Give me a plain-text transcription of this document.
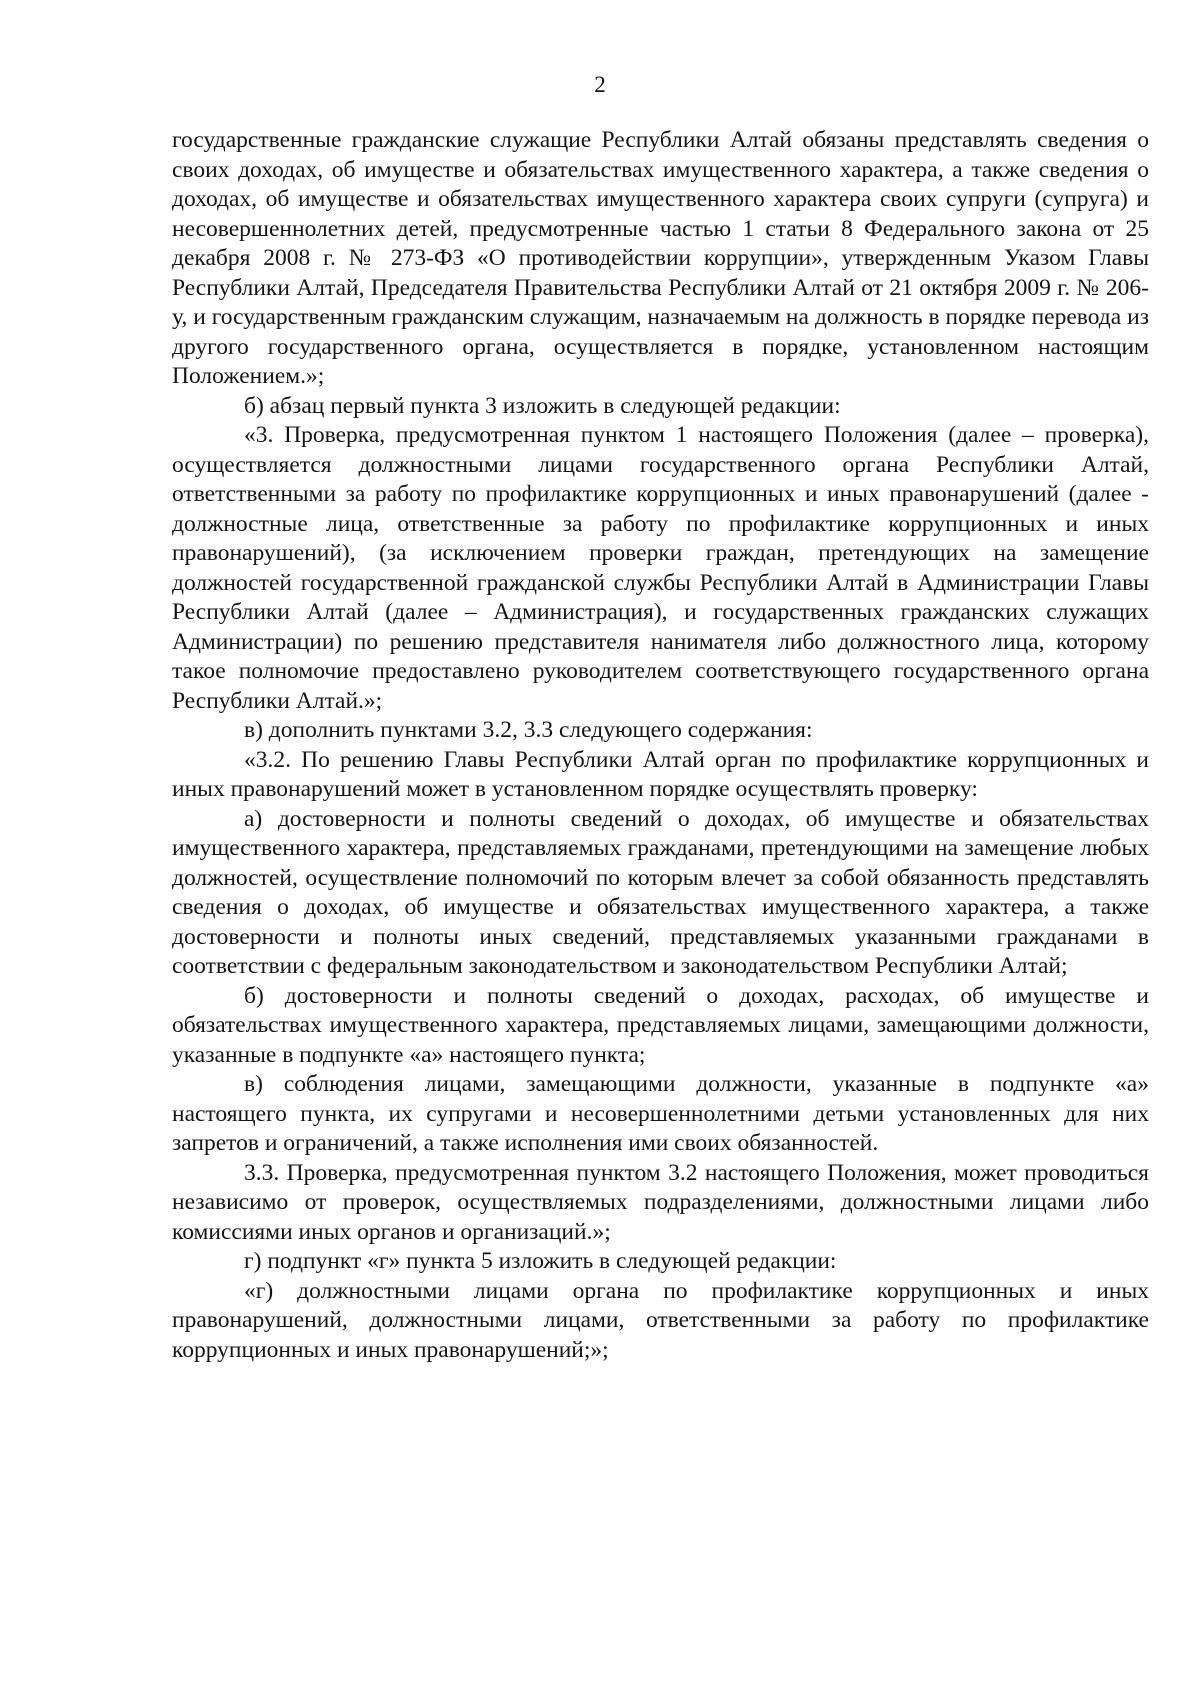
2

государственные гражданские служащие Республики Алтай обязаны представлять сведения о своих доходах, об имуществе и обязательствах имущественного характера, а также сведения о доходах, об имуществе и обязательствах имущественного характера своих супруги (супруга) и несовершеннолетних детей, предусмотренные частью 1 статьи 8 Федерального закона от 25 декабря 2008 г. № 273-ФЗ «О противодействии коррупции», утвержденным Указом Главы Республики Алтай, Председателя Правительства Республики Алтай от 21 октября 2009 г. № 206-у, и государственным гражданским служащим, назначаемым на должность в порядке перевода из другого государственного органа, осуществляется в порядке, установленном настоящим Положением.»;

б) абзац первый пункта 3 изложить в следующей редакции:

«3. Проверка, предусмотренная пунктом 1 настоящего Положения (далее – проверка), осуществляется должностными лицами государственного органа Республики Алтай, ответственными за работу по профилактике коррупционных и иных правонарушений (далее - должностные лица, ответственные за работу по профилактике коррупционных и иных правонарушений), (за исключением проверки граждан, претендующих на замещение должностей государственной гражданской службы Республики Алтай в Администрации Главы Республики Алтай (далее – Администрация), и государственных гражданских служащих Администрации) по решению представителя нанимателя либо должностного лица, которому такое полномочие предоставлено руководителем соответствующего государственного органа Республики Алтай.»;

в) дополнить пунктами 3.2, 3.3 следующего содержания:

«3.2. По решению Главы Республики Алтай орган по профилактике коррупционных и иных правонарушений может в установленном порядке осуществлять проверку:

а) достоверности и полноты сведений о доходах, об имуществе и обязательствах имущественного характера, представляемых гражданами, претендующими на замещение любых должностей, осуществление полномочий по которым влечет за собой обязанность представлять сведения о доходах, об имуществе и обязательствах имущественного характера, а также достоверности и полноты иных сведений, представляемых указанными гражданами в соответствии с федеральным законодательством и законодательством Республики Алтай;

б) достоверности и полноты сведений о доходах, расходах, об имуществе и обязательствах имущественного характера, представляемых лицами, замещающими должности, указанные в подпункте «а» настоящего пункта;

в) соблюдения лицами, замещающими должности, указанные в подпункте «а» настоящего пункта, их супругами и несовершеннолетними детьми установленных для них запретов и ограничений, а также исполнения ими своих обязанностей.

3.3. Проверка, предусмотренная пунктом 3.2 настоящего Положения, может проводиться независимо от проверок, осуществляемых подразделениями, должностными лицами либо комиссиями иных органов и организаций.»;

г) подпункт «г» пункта 5 изложить в следующей редакции:

«г) должностными лицами органа по профилактике коррупционных и иных правонарушений, должностными лицами, ответственными за работу по профилактике коррупционных и иных правонарушений;»;
